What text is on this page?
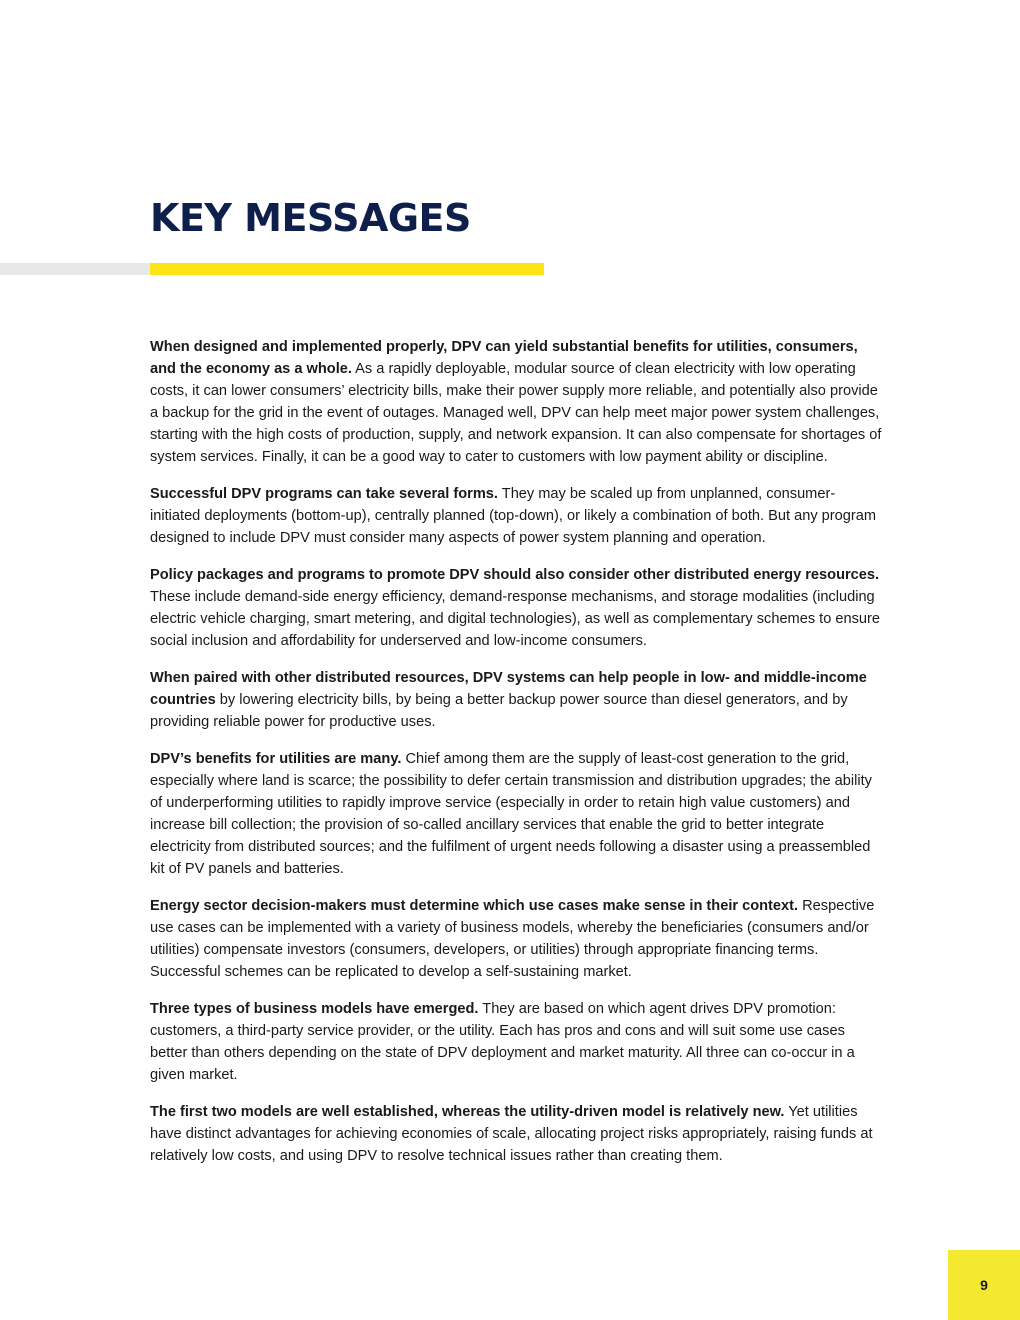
KEY MESSAGES

When designed and implemented properly, DPV can yield substantial benefits for utilities, consumers, and the economy as a whole. As a rapidly deployable, modular source of clean electricity with low operating costs, it can lower consumers’ electricity bills, make their power supply more reliable, and potentially also provide a backup for the grid in the event of outages. Managed well, DPV can help meet major power system challenges, starting with the high costs of production, supply, and network expansion. It can also compensate for shortages of system services. Finally, it can be a good way to cater to customers with low payment ability or discipline.

Successful DPV programs can take several forms. They may be scaled up from unplanned, consumer-initiated deployments (bottom-up), centrally planned (top-down), or likely a combination of both. But any program designed to include DPV must consider many aspects of power system planning and operation.

Policy packages and programs to promote DPV should also consider other distributed energy resources. These include demand-side energy efficiency, demand-response mechanisms, and storage modalities (including electric vehicle charging, smart metering, and digital technologies), as well as complementary schemes to ensure social inclusion and affordability for underserved and low-income consumers.

When paired with other distributed resources, DPV systems can help people in low- and middle-income countries by lowering electricity bills, by being a better backup power source than diesel generators, and by providing reliable power for productive uses.

DPV’s benefits for utilities are many. Chief among them are the supply of least-cost generation to the grid, especially where land is scarce; the possibility to defer certain transmission and distribution upgrades; the ability of underperforming utilities to rapidly improve service (especially in order to retain high value customers) and increase bill collection; the provision of so-called ancillary services that enable the grid to better integrate electricity from distributed sources; and the fulfilment of urgent needs following a disaster using a preassembled kit of PV panels and batteries.

Energy sector decision-makers must determine which use cases make sense in their context. Respective use cases can be implemented with a variety of business models, whereby the beneficiaries (consumers and/or utilities) compensate investors (consumers, developers, or utilities) through appropriate financing terms. Successful schemes can be replicated to develop a self-sustaining market.

Three types of business models have emerged. They are based on which agent drives DPV promotion: customers, a third-party service provider, or the utility. Each has pros and cons and will suit some use cases better than others depending on the state of DPV deployment and market maturity. All three can co-occur in a given market.

The first two models are well established, whereas the utility-driven model is relatively new. Yet utilities have distinct advantages for achieving economies of scale, allocating project risks appropriately, raising funds at relatively low costs, and using DPV to resolve technical issues rather than creating them.

9
